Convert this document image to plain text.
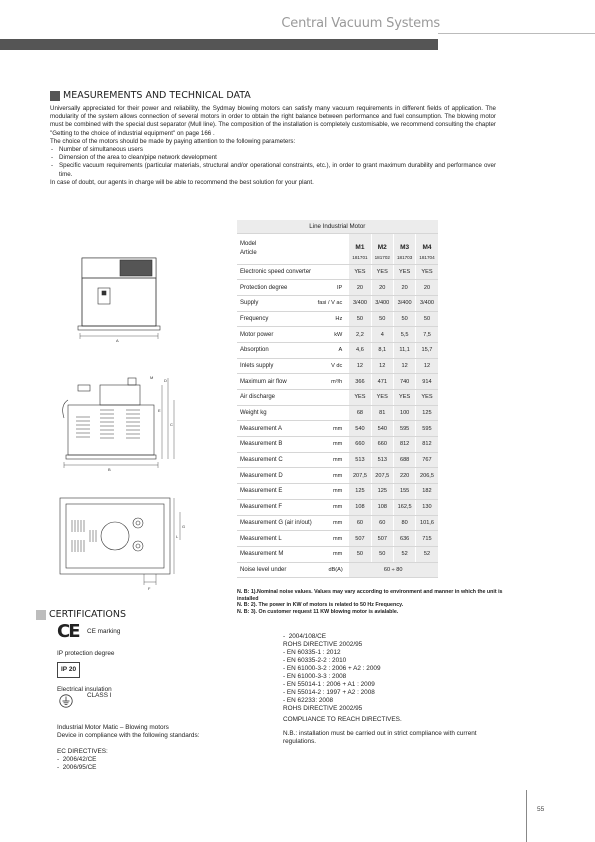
Central Vacuum Systems
MEASUREMENTS AND TECHNICAL DATA

Universally appreciated for their power and reliability, the Sydmay blowing motors can satisfy many vacuum requirements in different fields of application. The modularity of the system allows connection of several motors in order to obtain the right balance between performance and fuel consumption. The blowing motor must be combined with the special dust separator (Mull line). The composition of the installation is completely customisable, we recommend consulting the chapter "Getting to the choice of industrial equipment" on page 166 .

The choice of the motors should be made by paying attention to the following parameters:

- Number of simultaneous users
- Dimension of the area to clean/pipe network development
- Specific vacuum requirements (particular materials, structural and/or operational constraints, etc.), in order to grant maximum durability and performance over time.

In case of doubt, our agents in charge will be able to recommend the best solution for your plant.

A
B
C
D
E
F
G
L
M
Line Industrial Motor					
Model
Article		M1	M2	M3	M4
		181701	181702	181703	181704
Electronic speed converter		YES	YES	YES	YES
Protection degree	IP	20	20	20	20
Supply	fasi / V ac	3/400	3/400	3/400	3/400
Frequency	Hz	50	50	50	50
Motor power	kW	2,2	4	5,5	7,5
Absorption	A	4,6	8,1	11,1	15,7
Inlets supply	V dc	12	12	12	12
Maximum air flow	m³/h	366	471	740	914
Air discharge		YES	YES	YES	YES
Weight kg		68	81	100	125
Measurement A	mm	540	540	595	595
Measurement B	mm	660	660	812	812
Measurement C	mm	513	513	688	767
Measurement D	mm	207,5	207,5	220	206,5
Measurement E	mm	125	125	155	182
Measurement F	mm	108	108	162,5	130
Measurement G (air in/out)	mm	60	60	80	101,6
Measurement L	mm	507	507	636	715
Measurement M	mm	50	50	52	52
Noise level under	dB(A)	60 ÷ 80			
N. B: 1).Nominal noise values. Values may vary according to environment and manner in which the unit is installed
N. B: 2). The power in KW of motors is related to 50 Hz Frequency.
N. B: 3). On customer request 11 KW blowing motor is avialable.
CERTIFICATIONS
CE	CE marking
IP protection degree
IP 20
Electrical insulation
CLASS I
Industrial Motor Matic – Blowing motors
Device in compliance with the following standards:
EC DIRECTIVES:
-  2006/42/CE
-  2006/95/CE
-  2004/108/CE
ROHS DIRECTIVE 2002/95
- EN 60335-1 : 2012
- EN 60335-2-2 : 2010
- EN 61000-3-2 : 2006 + A2 : 2009
- EN 61000-3-3 : 2008
- EN 55014-1 : 2006 + A1 : 2009
- EN 55014-2 : 1997 + A2 : 2008
- EN 62233: 2008
ROHS DIRECTIVE 2002/95
COMPLIANCE TO REACH DIRECTIVES.
N.B.: installation must be carried out in strict compliance with current regulations.
55
